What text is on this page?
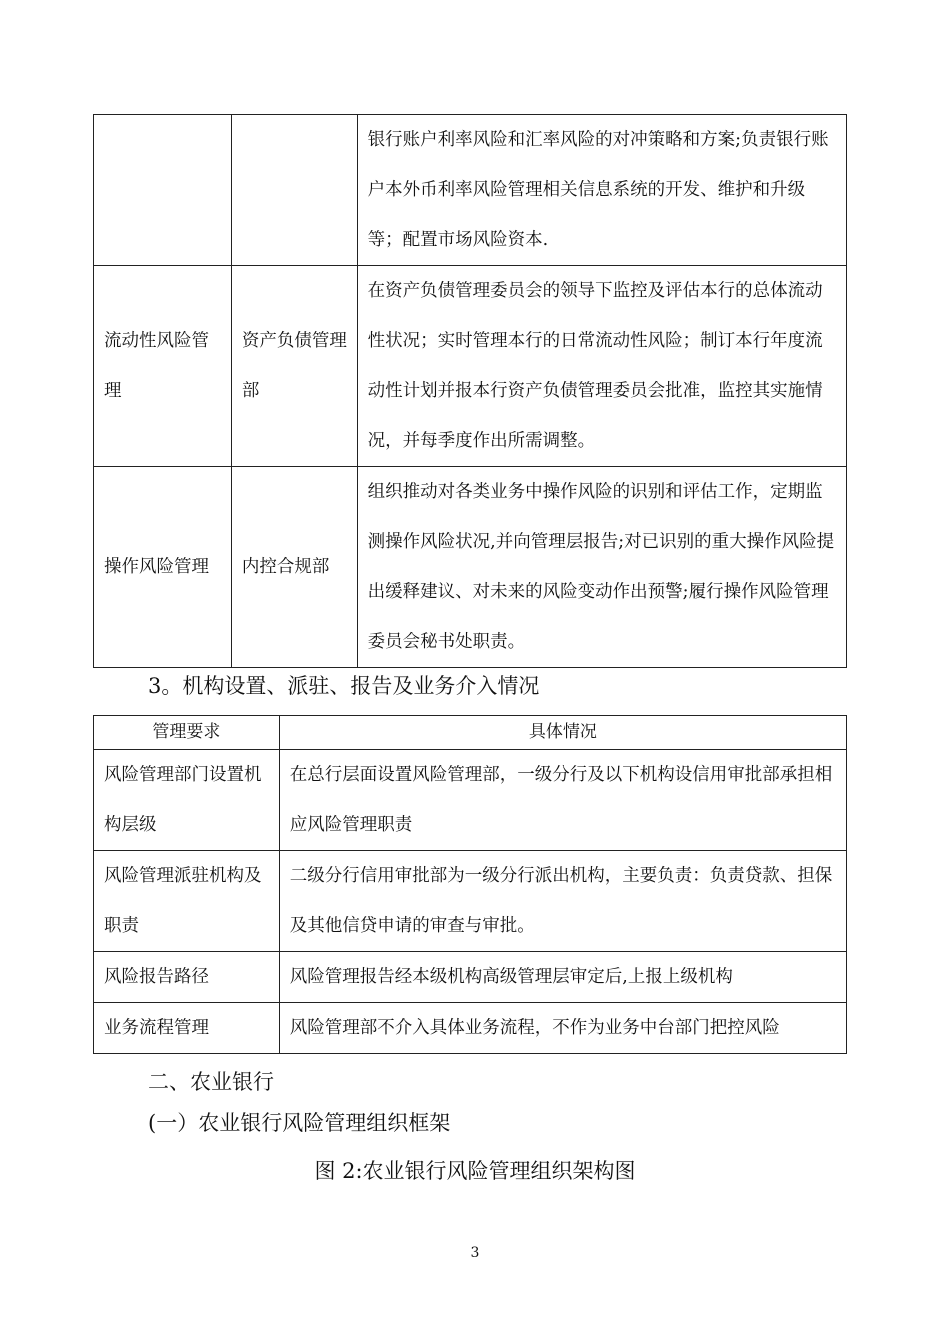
		银行账户利率风险和汇率风险的对冲策略和方案;负责银行账户本外币利率风险管理相关信息系统的开发、维护和升级等；配置市场风险资本.
流动性风险管理	资产负债管理部	在资产负债管理委员会的领导下监控及评估本行的总体流动性状况；实时管理本行的日常流动性风险；制订本行年度流动性计划并报本行资产负债管理委员会批准，监控其实施情况，并每季度作出所需调整。
操作风险管理	内控合规部	组织推动对各类业务中操作风险的识别和评估工作，定期监测操作风险状况,并向管理层报告;对已识别的重大操作风险提出缓释建议、对未来的风险变动作出预警;履行操作风险管理委员会秘书处职责。
3。机构设置、派驻、报告及业务介入情况
管理要求	具体情况
风险管理部门设置机构层级	在总行层面设置风险管理部，一级分行及以下机构设信用审批部承担相应风险管理职责
风险管理派驻机构及职责	二级分行信用审批部为一级分行派出机构，主要负责：负责贷款、担保及其他信贷申请的审查与审批。
风险报告路径	风险管理报告经本级机构高级管理层审定后,上报上级机构
业务流程管理	风险管理部不介入具体业务流程，不作为业务中台部门把控风险
二、农业银行
(一）农业银行风险管理组织框架
图 2:农业银行风险管理组织架构图
3
